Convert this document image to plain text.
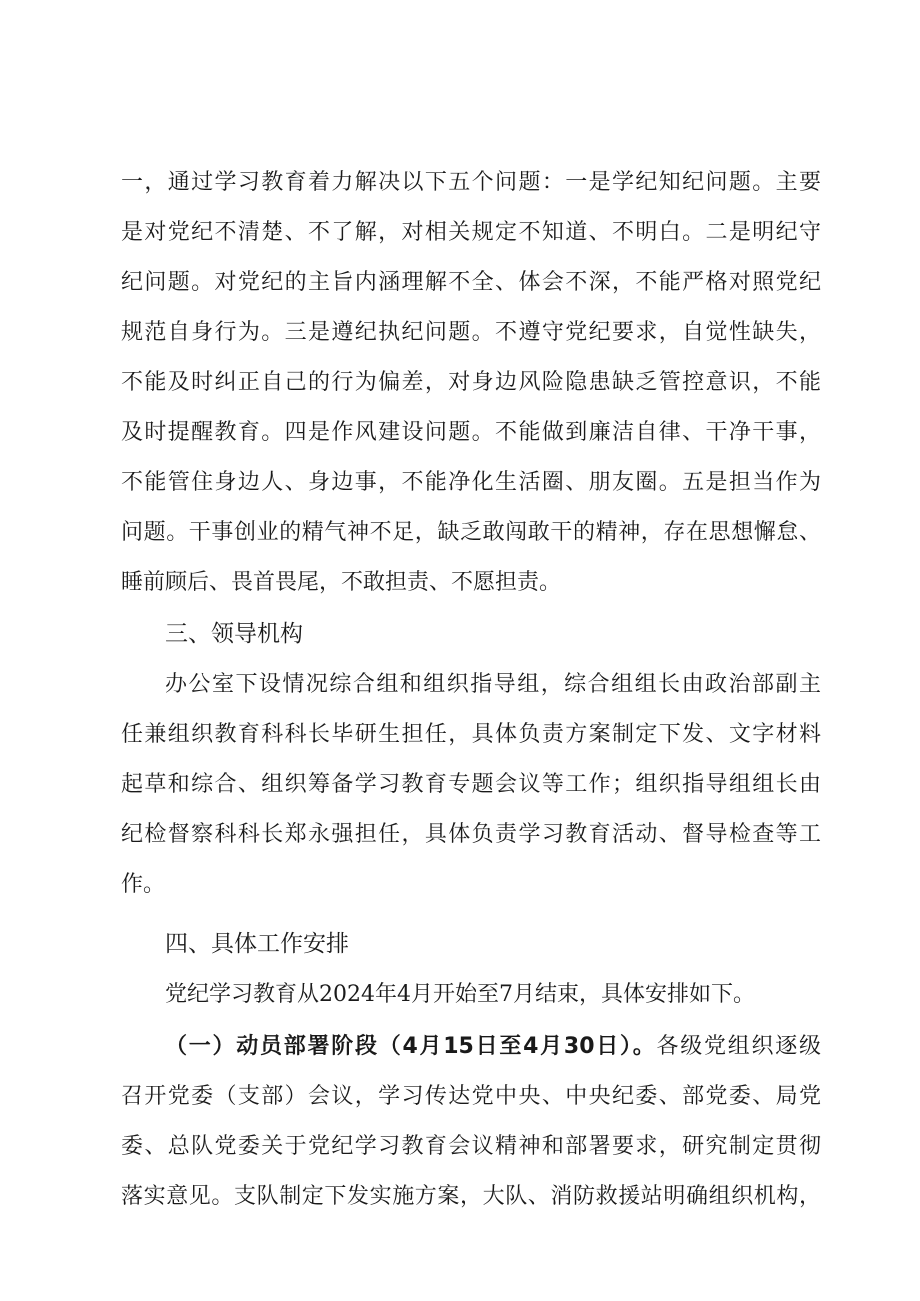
一，通过学习教育着力解决以下五个问题：一是学纪知纪问题。主要
是对党纪不清楚、不了解，对相关规定不知道、不明白。二是明纪守
纪问题。对党纪的主旨内涵理解不全、体会不深，不能严格对照党纪
规范自身行为。三是遵纪执纪问题。不遵守党纪要求，自觉性缺失，
不能及时纠正自己的行为偏差，对身边风险隐患缺乏管控意识，不能
及时提醒教育。四是作风建设问题。不能做到廉洁自律、干净干事，
不能管住身边人、身边事，不能净化生活圈、朋友圈。五是担当作为
问题。干事创业的精气神不足，缺乏敢闯敢干的精神，存在思想懈怠、
睡前顾后、畏首畏尾，不敢担责、不愿担责。
三、领导机构
办公室下设情况综合组和组织指导组，综合组组长由政治部副主
任兼组织教育科科长毕研生担任，具体负责方案制定下发、文字材料
起草和综合、组织筹备学习教育专题会议等工作；组织指导组组长由
纪检督察科科长郑永强担任，具体负责学习教育活动、督导检查等工
作。
四、具体工作安排
党纪学习教育从2024年4月开始至7月结束，具体安排如下。
（一）动员部署阶段（4月15日至4月30日）。各级党组织逐级
召开党委（支部）会议，学习传达党中央、中央纪委、部党委、局党
委、总队党委关于党纪学习教育会议精神和部署要求，研究制定贯彻
落实意见。支队制定下发实施方案，大队、消防救援站明确组织机构，
